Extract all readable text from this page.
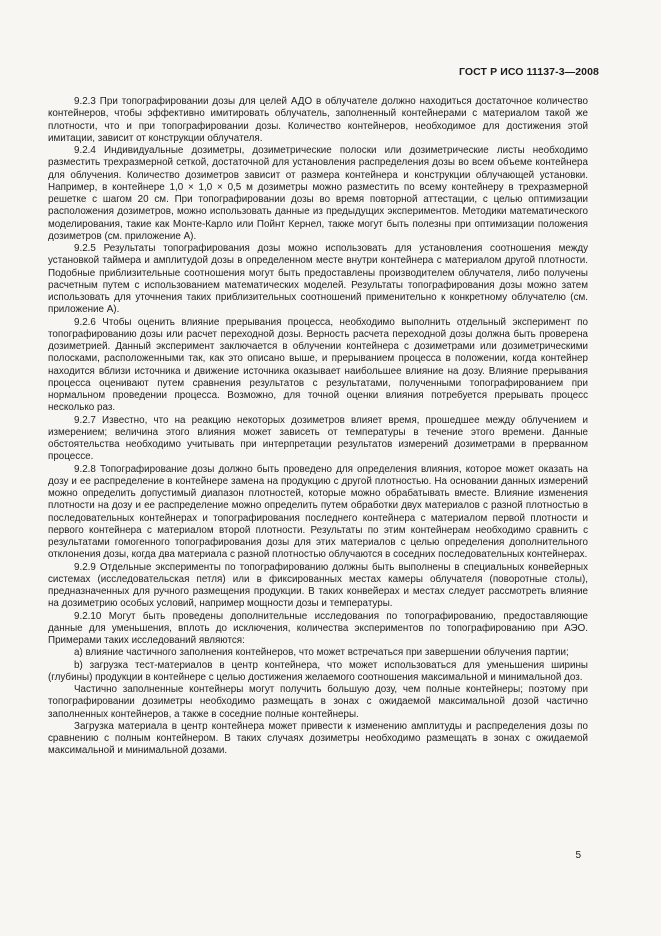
ГОСТ Р ИСО 11137-3—2008

9.2.3 При топографировании дозы для целей АДО в облучателе должно находиться достаточное количество контейнеров, чтобы эффективно имитировать облучатель, заполненный контейнерами с материалом такой же плотности, что и при топографировании дозы. Количество контейнеров, необходимое для достижения этой имитации, зависит от конструкции облучателя.

9.2.4 Индивидуальные дозиметры, дозиметрические полоски или дозиметрические листы необходимо разместить трехразмерной сеткой, достаточной для установления распределения дозы во всем объеме контейнера для облучения. Количество дозиметров зависит от размера контейнера и конструкции облучающей установки. Например, в контейнере 1,0 × 1,0 × 0,5 м дозиметры можно разместить по всему контейнеру в трехразмерной решетке с шагом 20 см. При топографировании дозы во время повторной аттестации, с целью оптимизации расположения дозиметров, можно использовать данные из предыдущих экспериментов. Методики математического моделирования, такие как Монте-Карло или Пойнт Кернел, также могут быть полезны при оптимизации положения дозиметров (см. приложение А).

9.2.5 Результаты топографирования дозы можно использовать для установления соотношения между установкой таймера и амплитудой дозы в определенном месте внутри контейнера с материалом другой плотности. Подобные приблизительные соотношения могут быть предоставлены производителем облучателя, либо получены расчетным путем с использованием математических моделей. Результаты топографирования дозы можно затем использовать для уточнения таких приблизительных соотношений применительно к конкретному облучателю (см. приложение А).

9.2.6 Чтобы оценить влияние прерывания процесса, необходимо выполнить отдельный эксперимент по топографированию дозы или расчет переходной дозы. Верность расчета переходной дозы должна быть проверена дозиметрией. Данный эксперимент заключается в облучении контейнера с дозиметрами или дозиметрическими полосками, расположенными так, как это описано выше, и прерыванием процесса в положении, когда контейнер находится вблизи источника и движение источника оказывает наибольшее влияние на дозу. Влияние прерывания процесса оценивают путем сравнения результатов с результатами, полученными топографированием при нормальном проведении процесса. Возможно, для точной оценки влияния потребуется прерывать процесс несколько раз.

9.2.7 Известно, что на реакцию некоторых дозиметров влияет время, прошедшее между облучением и измерением; величина этого влияния может зависеть от температуры в течение этого времени. Данные обстоятельства необходимо учитывать при интерпретации результатов измерений дозиметрами в прерванном процессе.

9.2.8 Топографирование дозы должно быть проведено для определения влияния, которое может оказать на дозу и ее распределение в контейнере замена на продукцию с другой плотностью. На основании данных измерений можно определить допустимый диапазон плотностей, которые можно обрабатывать вместе. Влияние изменения плотности на дозу и ее распределение можно определить путем обработки двух материалов с разной плотностью в последовательных контейнерах и топографирования последнего контейнера с материалом первой плотности и первого контейнера с материалом второй плотности. Результаты по этим контейнерам необходимо сравнить с результатами гомогенного топографирования дозы для этих материалов с целью определения дополнительного отклонения дозы, когда два материала с разной плотностью облучаются в соседних последовательных контейнерах.

9.2.9 Отдельные эксперименты по топографированию должны быть выполнены в специальных конвейерных системах (исследовательская петля) или в фиксированных местах камеры облучателя (поворотные столы), предназначенных для ручного размещения продукции. В таких конвейерах и местах следует рассмотреть влияние на дозиметрию особых условий, например мощности дозы и температуры.

9.2.10 Могут быть проведены дополнительные исследования по топографированию, предоставляющие данные для уменьшения, вплоть до исключения, количества экспериментов по топографированию при АЭО. Примерами таких исследований являются:

a) влияние частичного заполнения контейнеров, что может встречаться при завершении облучения партии;

b) загрузка тест-материалов в центр контейнера, что может использоваться для уменьшения ширины (глубины) продукции в контейнере с целью достижения желаемого соотношения максимальной и минимальной доз.

Частично заполненные контейнеры могут получить большую дозу, чем полные контейнеры; поэтому при топографировании дозиметры необходимо размещать в зонах с ожидаемой максимальной дозой частично заполненных контейнеров, а также в соседние полные контейнеры.

Загрузка материала в центр контейнера может привести к изменению амплитуды и распределения дозы по сравнению с полным контейнером. В таких случаях дозиметры необходимо размещать в зонах с ожидаемой максимальной и минимальной дозами.

5
